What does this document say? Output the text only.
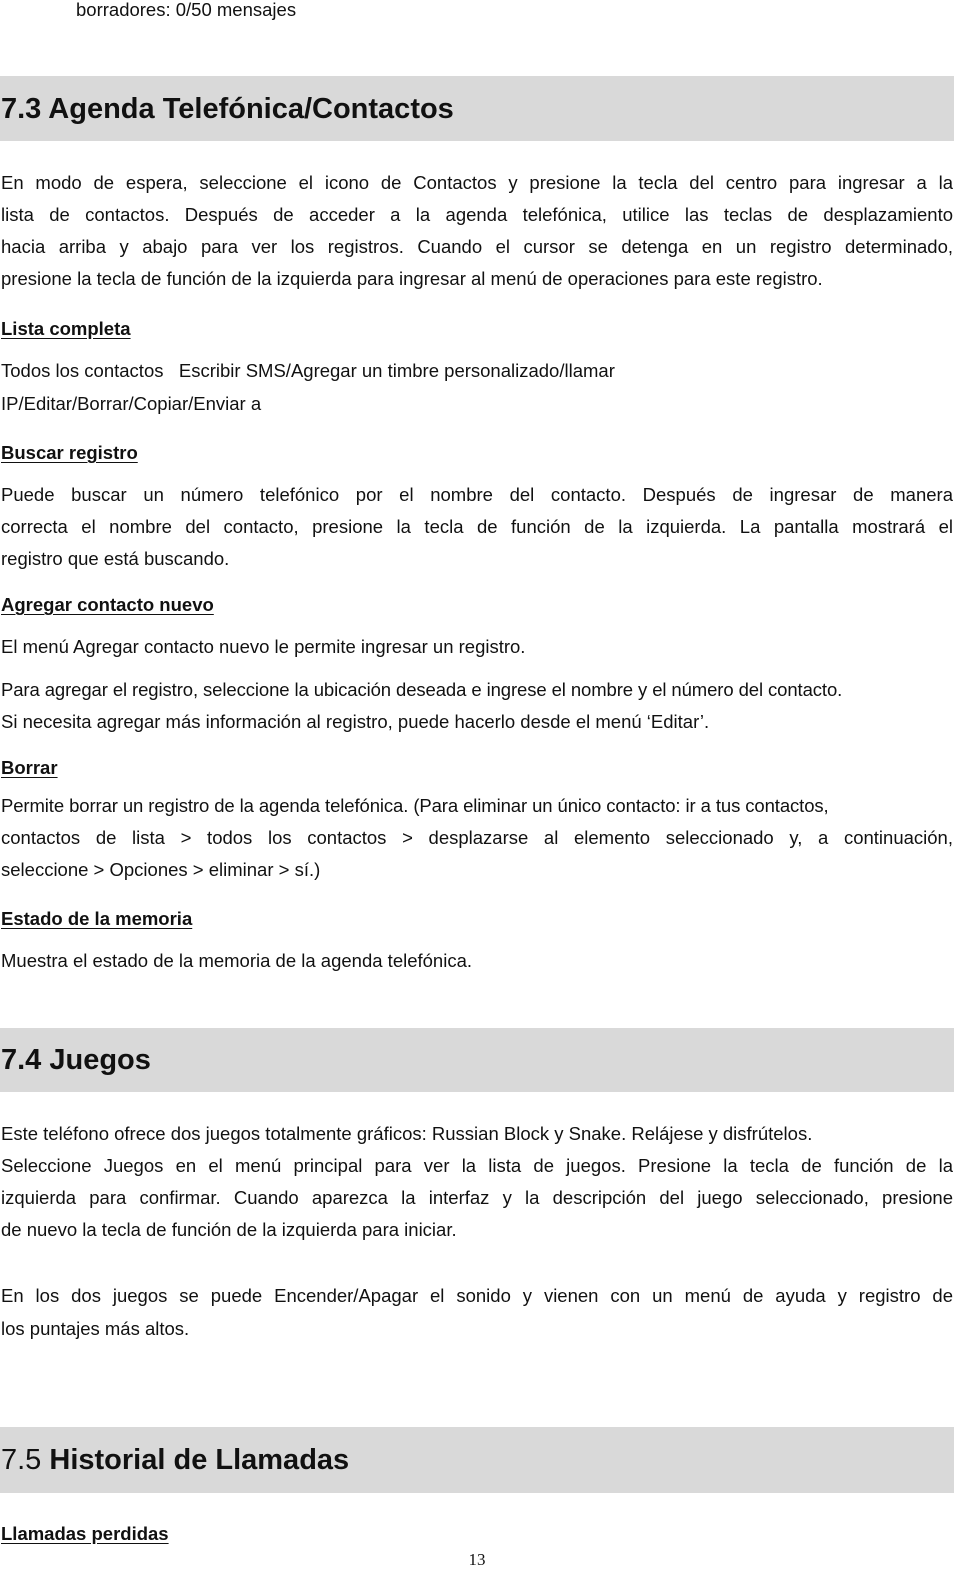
borradores: 0/50 mensajes
7.3 Agenda Telefónica/Contactos
En modo de espera, seleccione el icono de Contactos y presione la tecla del centro para ingresar a la
lista de contactos. Después de acceder a la agenda telefónica, utilice las teclas de desplazamiento
hacia arriba y abajo para ver los registros. Cuando el cursor se detenga en un registro determinado,
presione la tecla de función de la izquierda para ingresar al menú de operaciones para este registro.
Lista completa
Todos los contactos   Escribir SMS/Agregar un timbre personalizado/llamar
IP/Editar/Borrar/Copiar/Enviar a
Buscar registro
Puede buscar un número telefónico por el nombre del contacto. Después de ingresar de manera
correcta el nombre del contacto, presione la tecla de función de la izquierda. La pantalla mostrará el
registro que está buscando.
Agregar contacto nuevo
El menú Agregar contacto nuevo le permite ingresar un registro.
Para agregar el registro, seleccione la ubicación deseada e ingrese el nombre y el número del contacto.
Si necesita agregar más información al registro, puede hacerlo desde el menú ‘Editar’.
Borrar
Permite borrar un registro de la agenda telefónica. (Para eliminar un único contacto: ir a tus contactos,
contactos de lista > todos los contactos > desplazarse al elemento seleccionado y, a continuación,
seleccione > Opciones > eliminar > sí.)
Estado de la memoria
Muestra el estado de la memoria de la agenda telefónica.
7.4 Juegos
Este teléfono ofrece dos juegos totalmente gráficos: Russian Block y Snake. Relájese y disfrútelos.
Seleccione Juegos en el menú principal para ver la lista de juegos. Presione la tecla de función de la
izquierda para confirmar. Cuando aparezca la interfaz y la descripción del juego seleccionado, presione
de nuevo la tecla de función de la izquierda para iniciar.
En los dos juegos se puede Encender/Apagar el sonido y vienen con un menú de ayuda y registro de
los puntajes más altos.
7.5 Historial de Llamadas
Llamadas perdidas
13
